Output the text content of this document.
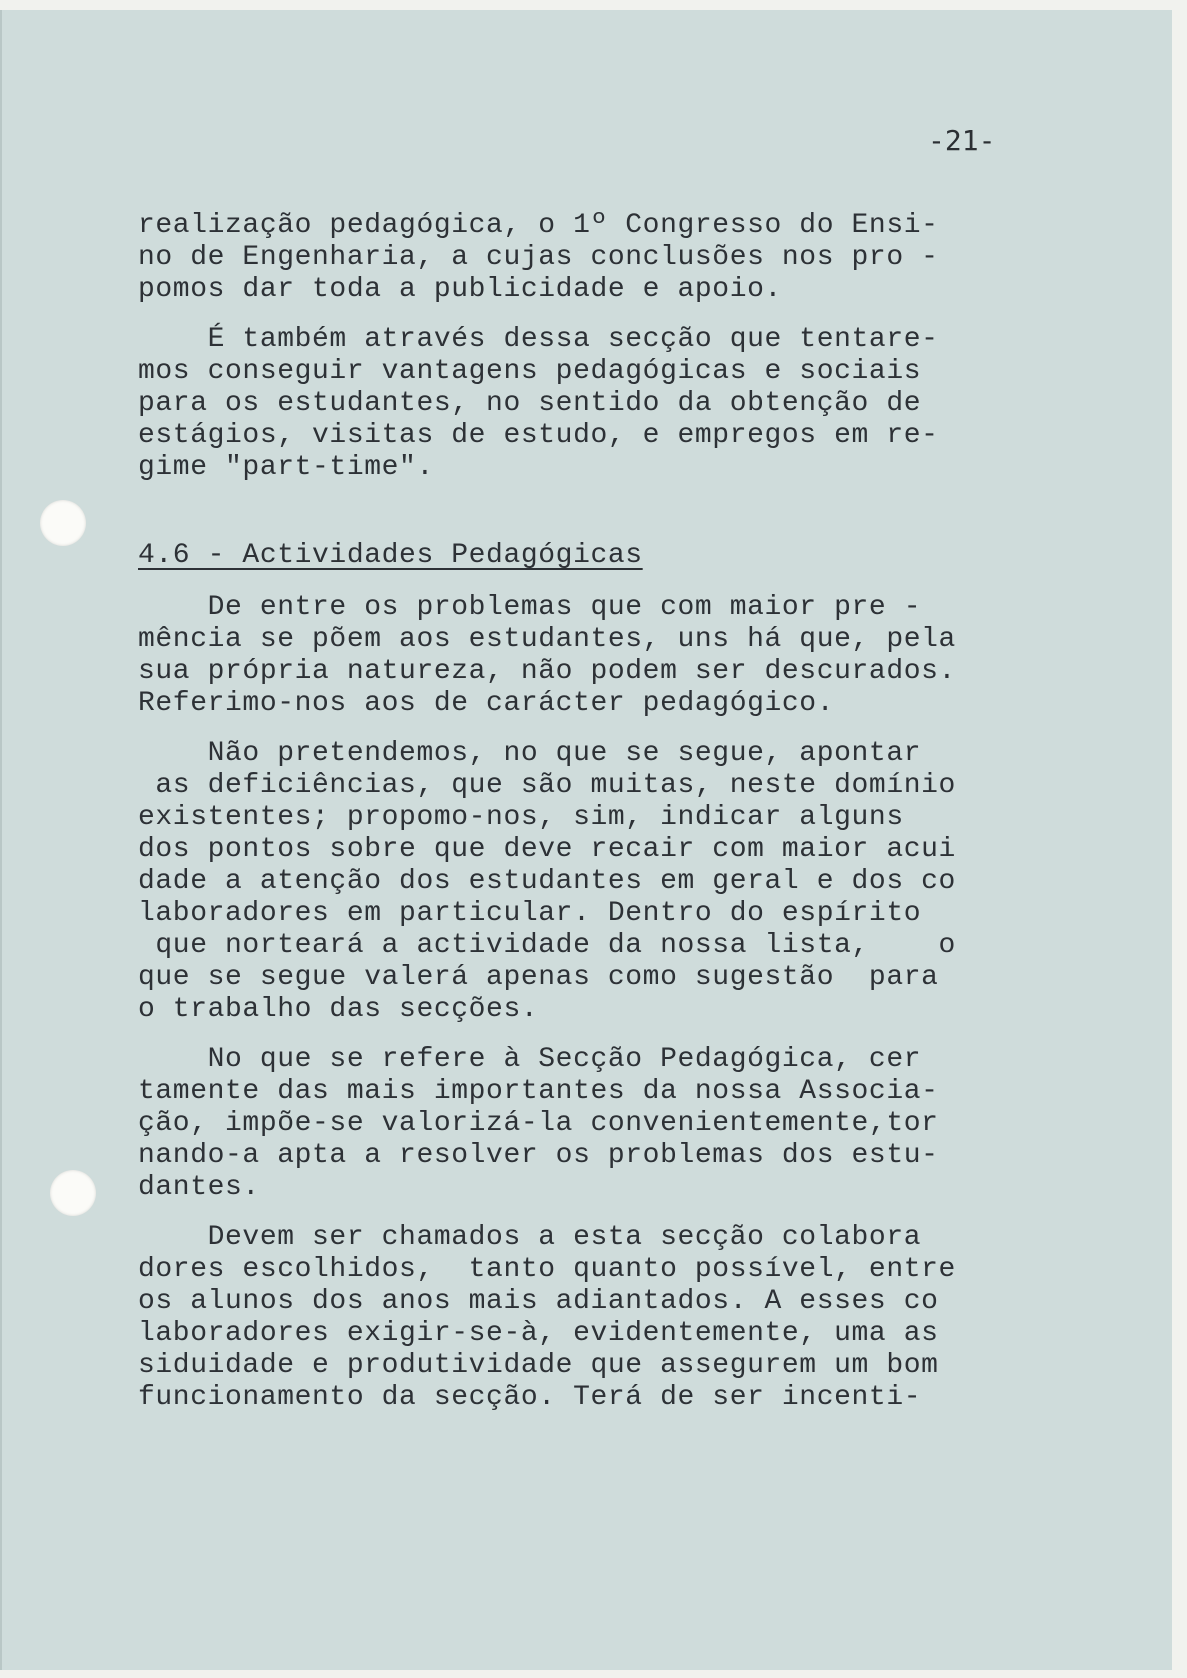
-21-

realização pedagógica, o 1º Congresso do Ensi-

no de Engenharia, a cujas conclusões nos pro -

pomos dar toda a publicidade e apoio.

É também através dessa secção que tentare-

mos conseguir vantagens pedagógicas e sociais

para os estudantes, no sentido da obtenção de

estágios, visitas de estudo, e empregos em re-

gime "part-time".

4.6 - Actividades Pedagógicas

De entre os problemas que com maior pre -

mência se põem aos estudantes, uns há que, pela

sua própria natureza, não podem ser descurados.

Referimo-nos aos de carácter pedagógico.

Não pretendemos, no que se segue, apontar

as deficiências, que são muitas, neste domínio

existentes; propomo-nos, sim, indicar alguns

dos pontos sobre que deve recair com maior acui

dade a atenção dos estudantes em geral e dos co

laboradores em particular. Dentro do espírito

que norteará a actividade da nossa lista,    o

que se segue valerá apenas como sugestão  para

o trabalho das secções.

No que se refere à Secção Pedagógica, cer

tamente das mais importantes da nossa Associa-

ção, impõe-se valorizá-la convenientemente,tor

nando-a apta a resolver os problemas dos estu-

dantes.

Devem ser chamados a esta secção colabora

dores escolhidos,  tanto quanto possível, entre

os alunos dos anos mais adiantados. A esses co

laboradores exigir-se-à, evidentemente, uma as

siduidade e produtividade que assegurem um bom

funcionamento da secção. Terá de ser incenti-
